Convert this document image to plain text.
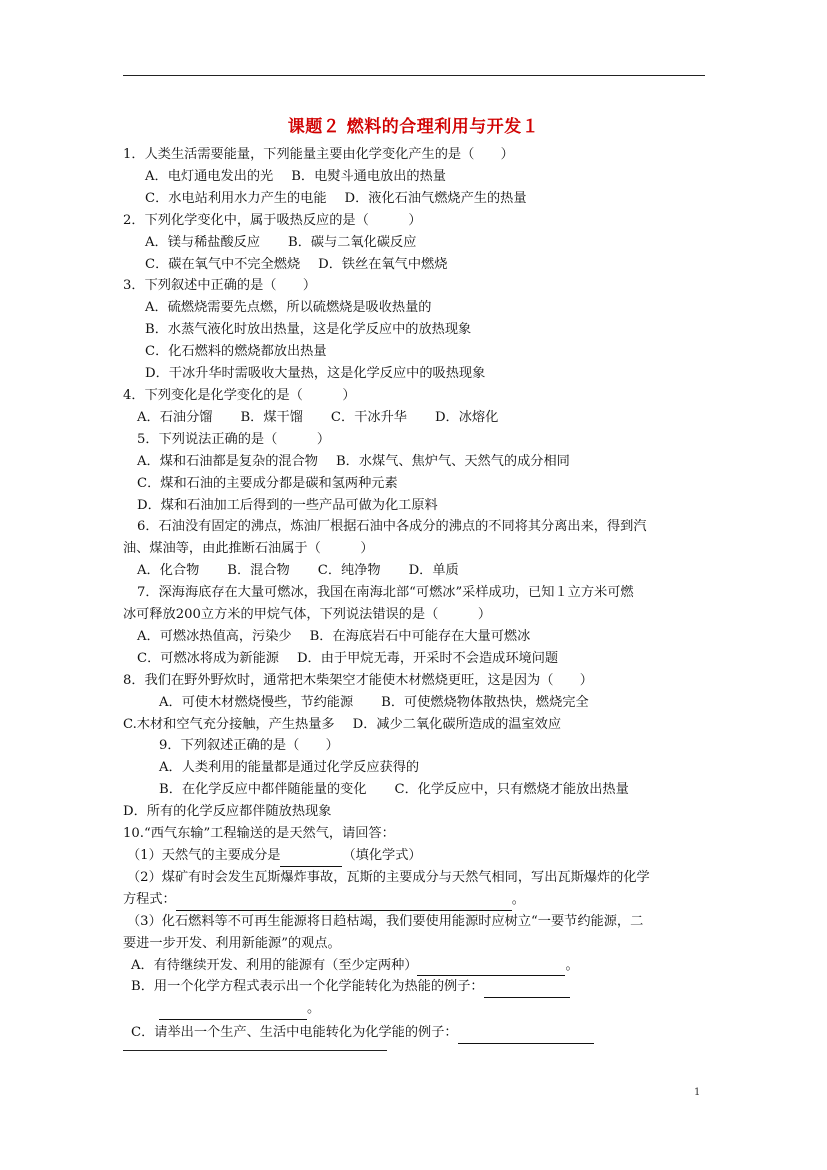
课题２ 燃料的合理利用与开发１
1．人类生活需要能量，下列能量主要由化学变化产生的是（　　）
A．电灯通电发出的光 B．电熨斗通电放出的热量
C．水电站利用水力产生的电能 D．液化石油气燃烧产生的热量
2．下列化学变化中，属于吸热反应的是（　　　）
A．镁与稀盐酸反应 B．碳与二氧化碳反应
C．碳在氧气中不完全燃烧 D．铁丝在氧气中燃烧
3．下列叙述中正确的是（　　）
A．硫燃烧需要先点燃，所以硫燃烧是吸收热量的
B．水蒸气液化时放出热量，这是化学反应中的放热现象
C．化石燃料的燃烧都放出热量
D．干冰升华时需吸收大量热，这是化学反应中的吸热现象
4．下列变化是化学变化的是（　　　）
A．石油分馏 B．煤干馏 C．干冰升华 D．冰熔化
5．下列说法正确的是（　　　）
A．煤和石油都是复杂的混合物 B．水煤气、焦炉气、天然气的成分相同
C．煤和石油的主要成分都是碳和氢两种元素
D．煤和石油加工后得到的一些产品可做为化工原料
6．石油没有固定的沸点，炼油厂根据石油中各成分的沸点的不同将其分离出来，得到汽
油、煤油等，由此推断石油属于（　　　）
A．化合物 B．混合物 C．纯净物 D．单质
7．深海海底存在大量可燃冰，我国在南海北部“可燃冰”采样成功，已知１立方米可燃
冰可释放200立方米的甲烷气体，下列说法错误的是（　　　）
A．可燃冰热值高，污染少 B．在海底岩石中可能存在大量可燃冰
C．可燃冰将成为新能源 D．由于甲烷无毒，开采时不会造成环境问题
8．我们在野外野炊时，通常把木柴架空才能使木材燃烧更旺，这是因为（　　）
A．可使木材燃烧慢些，节约能源 B．可使燃烧物体散热快，燃烧完全
C.木材和空气充分接触，产生热量多 D．减少二氧化碳所造成的温室效应
9．下列叙述正确的是（　　）
A．人类利用的能量都是通过化学反应获得的
B．在化学反应中都伴随能量的变化 C．化学反应中，只有燃烧才能放出热量
D．所有的化学反应都伴随放热现象
10.“西气东输”工程输送的是天然气，请回答：
（1）天然气的主要成分是	（填化学式）
（2）煤矿有时会发生瓦斯爆炸事故，瓦斯的主要成分与天然气相同，写出瓦斯爆炸的化学
方程式：	。
（3）化石燃料等不可再生能源将日趋枯竭，我们要使用能源时应树立“一要节约能源，二
要进一步开发、利用新能源”的观点。
A．有待继续开发、利用的能源有（至少定两种）	。
B．用一个化学方程式表示出一个化学能转化为热能的例子：
。
C．请举出一个生产、生活中电能转化为化学能的例子：
1
